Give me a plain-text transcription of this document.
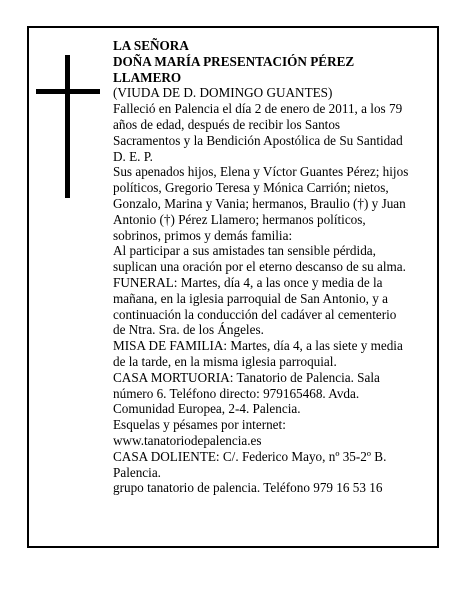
LA SEÑORA

DOÑA MARÍA PRESENTACIÓN PÉREZ LLAMERO

(VIUDA DE D. DOMINGO GUANTES)

Falleció en Palencia el día 2 de enero de 2011, a los 79 años de edad, después de recibir los Santos Sacramentos y la Bendición Apostólica de Su Santidad D. E. P.

Sus apenados hijos, Elena y Víctor Guantes Pérez; hijos políticos, Gregorio Teresa y Mónica Carrión; nietos, Gonzalo, Marina y Vania; hermanos, Braulio (†) y Juan Antonio (†) Pérez Llamero; hermanos políticos, sobrinos, primos y demás familia:

Al participar a sus amistades tan sensible pérdida, suplican una oración por el eterno descanso de su alma.

FUNERAL: Martes, día 4, a las once y media de la mañana, en la iglesia parroquial de San Antonio, y a continuación la conducción del cadáver al cementerio de Ntra. Sra. de los Ángeles.

MISA DE FAMILIA: Martes, día 4, a las siete y media de la tarde, en la misma iglesia parroquial.

CASA MORTUORIA: Tanatorio de Palencia. Sala número 6. Teléfono directo: 979165468. Avda. Comunidad Europea, 2-4. Palencia.

Esquelas y pésames por internet: www.tanatoriodepalencia.es

CASA DOLIENTE: C/. Federico Mayo, nº 35-2º B. Palencia.

grupo tanatorio de palencia. Teléfono 979 16 53 16
